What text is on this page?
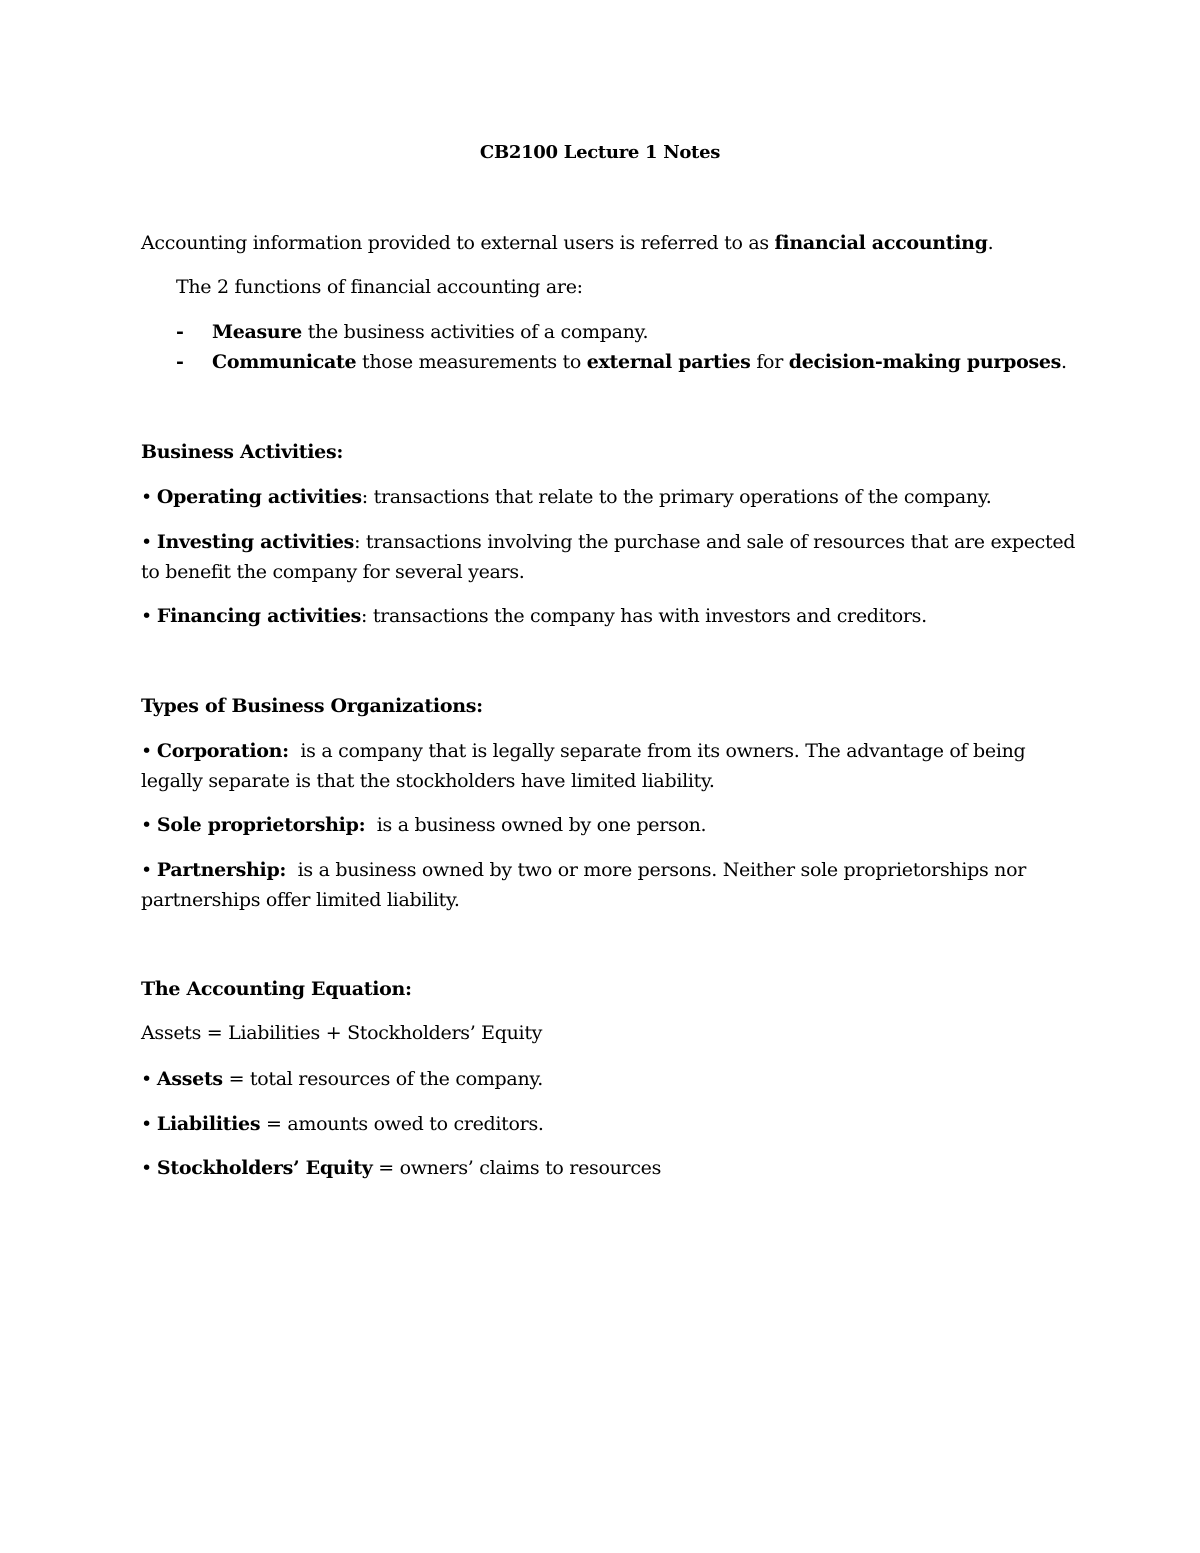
CB2100 Lecture 1 Notes
Accounting information provided to external users is referred to as financial accounting.
The 2 functions of financial accounting are:
- Measure the business activities of a company.
- Communicate those measurements to external parties for decision-making purposes.
Business Activities:
• Operating activities: transactions that relate to the primary operations of the company.
• Investing activities: transactions involving the purchase and sale of resources that are expected
to benefit the company for several years.
• Financing activities: transactions the company has with investors and creditors.
Types of Business Organizations:
• Corporation:  is a company that is legally separate from its owners. The advantage of being
legally separate is that the stockholders have limited liability.
• Sole proprietorship:  is a business owned by one person.
• Partnership:  is a business owned by two or more persons. Neither sole proprietorships nor
partnerships offer limited liability.
The Accounting Equation:
Assets = Liabilities + Stockholders’ Equity
• Assets = total resources of the company.
• Liabilities = amounts owed to creditors.
• Stockholders’ Equity = owners’ claims to resources
